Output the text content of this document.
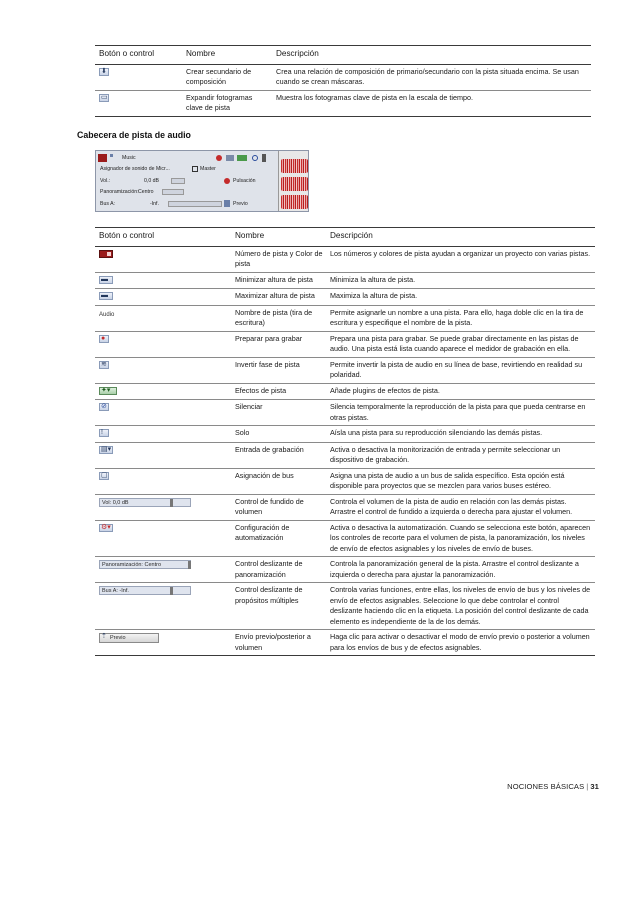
Botón o control	Nombre	Descripción

⬇	Crear secundario de composición	Crea una relación de composición de primario/secundario con la pista situada encima. Se usan cuando se crean máscaras.

▭	Expandir fotogramas clave de pista	Muestra los fotogramas clave de pista en la escala de tiempo.
Cabecera de pista de audio
Music
Asignador de sonido de Micr...	Master
Vol.:	0,0 dB	Pulsación
Panoramización: Centro
Bus A:	-Inf.	Previo
Botón o control	Nombre	Descripción
	Número de pista y Color de pista	Los números y colores de pista ayudan a organizar un proyecto con varias pistas.

▬	Minimizar altura de pista	Minimiza la altura de pista.

▬	Maximizar altura de pista	Maximiza la altura de pista.
Audio	Nombre de pista (tira de escritura)	Permite asignarle un nombre a una pista. Para ello, haga doble clic en la tira de escritura y especifique el nombre de la pista.

●	Preparar para grabar	Prepara una pista para grabar. Se puede grabar directamente en las pistas de audio. Una pista está lista cuando aparece el medidor de grabación en ella.

≋	Invertir fase de pista	Permite invertir la pista de audio en su línea de base, revirtiendo en realidad su polaridad.

✦▾	Efectos de pista	Añade plugins de efectos de pista.

⊘	Silenciar	Silencia temporalmente la reproducción de la pista para que pueda centrarse en otras pistas.

!	Solo	Aísla una pista para su reproducción silenciando las demás pistas.

▤▾	Entrada de grabación	Activa o desactiva la monitorización de entrada y permite seleccionar un dispositivo de grabación.

▢	Asignación de bus	Asigna una pista de audio a un bus de salida específico. Esta opción está disponible para proyectos que se mezclen para varios buses estéreo.

Vol: 0,0 dB	Control de fundido de volumen	Controla el volumen de la pista de audio en relación con las demás pistas. Arrastre el control de fundido a izquierda o derecha para ajustar el volumen.

⚙▾	Configuración de automatización	Activa o desactiva la automatización. Cuando se selecciona este botón, aparecen los controles de recorte para el volumen de pista, la panoramización, los niveles de envío de efectos asignables y los niveles de envío de buses.

Panoramización: Centro	Control deslizante de panoramización	Controla la panoramización general de la pista. Arrastre el control deslizante a izquierda o derecha para ajustar la panoramización.

Bus A: -Inf.	Control deslizante de propósitos múltiples	Controla varias funciones, entre ellas, los niveles de envío de bus y los niveles de envío de efectos asignables. Seleccione lo que debe controlar el control deslizante haciendo clic en la etiqueta. La posición del control deslizante de cada elemento es independiente de la de los demás.

⇡ Previo	Envío previo/posterior a volumen	Haga clic para activar o desactivar el modo de envío previo o posterior a volumen para los envíos de bus y de efectos asignables.
NOCIONES BÁSICAS | 31
